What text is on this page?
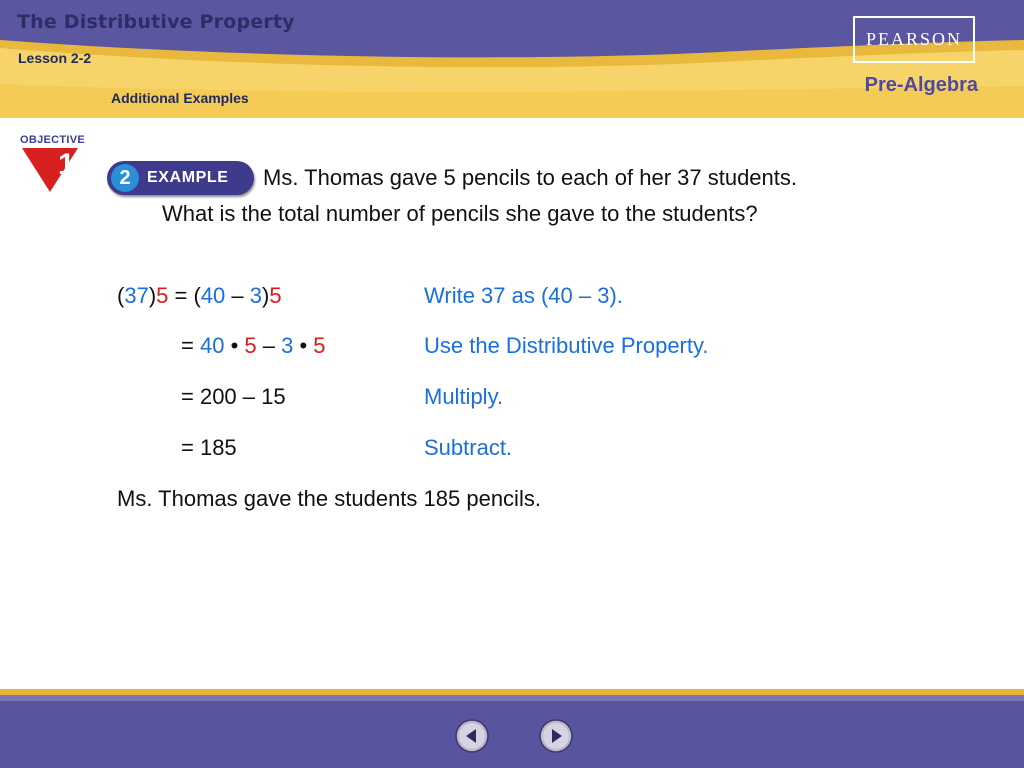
The Distributive Property
Lesson 2-2
Additional Examples
PEARSON
Pre-Algebra
OBJECTIVE
1	2	EXAMPLE	Ms. Thomas gave 5 pencils to each of her 37 students. What is the total number of pencils she gave to the students?
(37)5 = (40 – 3)5	Write 37 as (40 – 3).
= 40 • 5 – 3 • 5	Use the Distributive Property.
= 200 – 15	Multiply.
= 185	Subtract.
Ms. Thomas gave the students 185 pencils.
